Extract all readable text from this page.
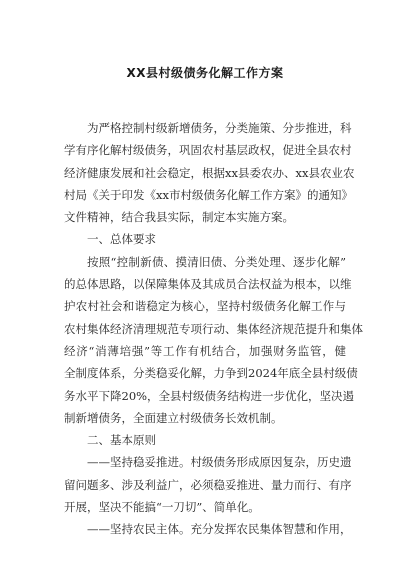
XX县村级债务化解工作方案
为严格控制村级新增债务，分类施策、分步推进，科
学有序化解村级债务，巩固农村基层政权，促进全县农村
经济健康发展和社会稳定，根据xx县委农办、xx县农业农
村局《关于印发《xx市村级债务化解工作方案》的通知》
文件精神，结合我县实际，制定本实施方案。
一、总体要求
按照“控制新债、摸清旧债、分类处理、逐步化解”
的总体思路，以保障集体及其成员合法权益为根本，以维
护农村社会和谐稳定为核心，坚持村级债务化解工作与
农村集体经济清理规范专项行动、集体经济规范提升和集体
经济“消薄培强”等工作有机结合，加强财务监管，健
全制度体系，分类稳妥化解，力争到2024年底全县村级债
务水平下降20%，全县村级债务结构进一步优化，坚决遏
制新增债务，全面建立村级债务长效机制。
二、基本原则
——坚持稳妥推进。村级债务形成原因复杂，历史遗
留问题多、涉及利益广，必须稳妥推进、量力而行、有序
开展，坚决不能搞“一刀切”、简单化。
——坚持农民主体。充分发挥农民集体智慧和作用，
